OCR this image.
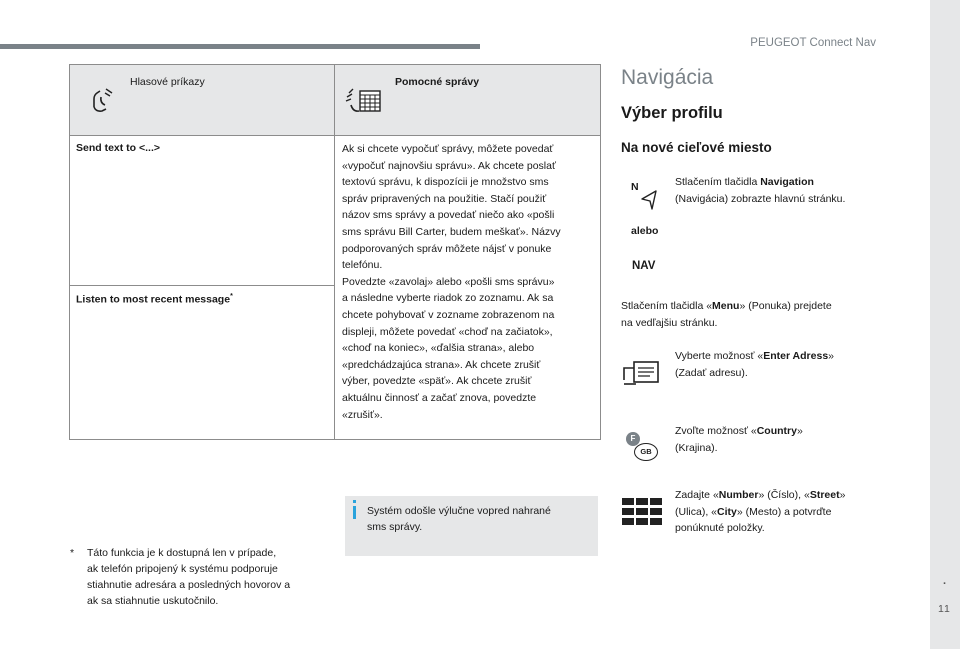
PEUGEOT Connect Nav
.
11
Hlasové príkazy	Pomocné správy
Send text to <...>
Listen to most recent message*

Ak si chcete vypočuť správy, môžete povedať

«vypočuť najnovšiu správu». Ak chcete poslať

textovú správu, k dispozícii je množstvo sms

správ pripravených na použitie. Stačí použiť

názov sms správy a povedať niečo ako «pošli

sms správu Bill Carter, budem meškať». Názvy

podporovaných správ môžete nájsť v ponuke

telefónu.

Povedzte «zavolaj» alebo «pošli sms správu»

a následne vyberte riadok zo zoznamu. Ak sa

chcete pohybovať v zozname zobrazenom na

displeji, môžete povedať «choď na začiatok»,

«choď na koniec», «ďalšia strana», alebo

«predchádzajúca strana». Ak chcete zrušiť

výber, povedzte «späť». Ak chcete zrušiť

aktuálnu činnosť a začať znova, povedzte

«zrušiť».

Systém odošle výlučne vopred nahrané
sms správy.
* Táto funkcia je k dostupná len v prípade,
ak telefón pripojený k systému podporuje
stiahnutie adresára a posledných hovorov a
ak sa stiahnutie uskutočnilo.
Navigácia
Výber profilu
Na nové cieľové miesto
N
alebo
NAV
Stlačením tlačidla Navigation
(Navigácia) zobrazte hlavnú stránku.
Stlačením tlačidla «Menu» (Ponuka) prejdete
na vedľajšiu stránku.
Vyberte možnosť «Enter Adress»
(Zadať adresu).
F
GB
Zvoľte možnosť «Country»
(Krajina).
Zadajte «Number» (Číslo), «Street»
(Ulica), «City» (Mesto) a potvrďte
ponúknuté položky.
